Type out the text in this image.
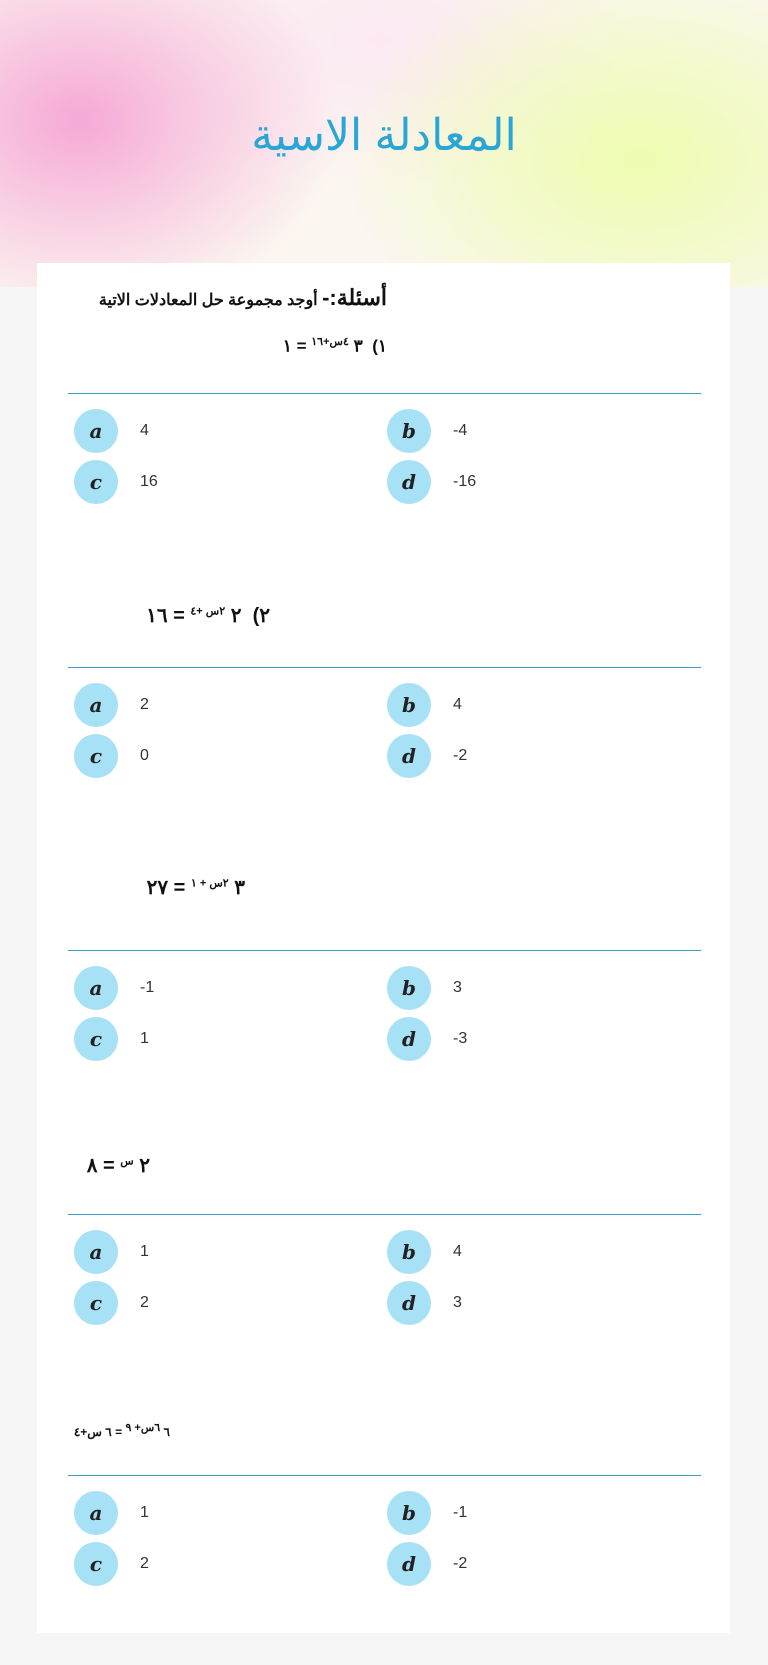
المعادلة الاسية
أسئلة:- أوجد مجموعة حل المعادلات الاتية
١)  ٣ $^{٤س+١٦}$ = ١
a	4	b	-4
c	16	d	-16
٢)  ٢ $^{٢س +٤}$ = ١٦
a	2	b	4
c	0	d	-2
٣ $^{٢س + ١}$ = ٢٧
a	-1	b	3
c	1	d	-3
٢ $^س$ = ٨
a	1	b	4
c	2	d	3
٦ $^{٦س+ ٩}$ = ٦ س+٤
a	1	b	-1
c	2	d	-2
